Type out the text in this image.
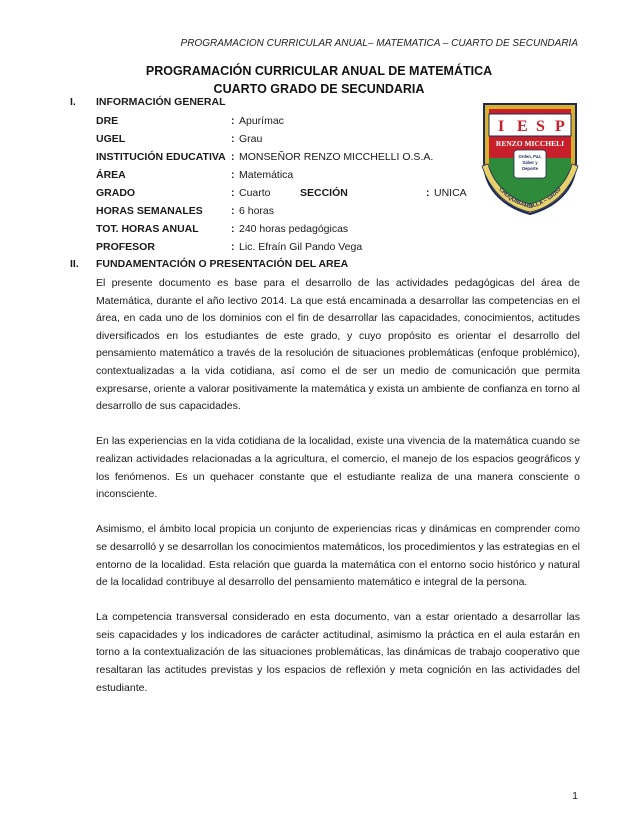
PROGRAMACION CURRICULAR ANUAL– MATEMATICA – CUARTO DE SECUNDARIA
PROGRAMACIÓN CURRICULAR ANUAL DE MATEMÁTICA
CUARTO GRADO DE SECUNDARIA
I. INFORMACIÓN GENERAL
DRE	: Apurímac
UGEL	: Grau
INSTITUCIÓN EDUCATIVA : MONSEÑOR RENZO MICCHELLI O.S.A.
ÁREA	: Matemática
GRADO	: Cuarto	SECCIÓN	: UNICA
HORAS SEMANALES	: 6 horas
TOT. HORAS ANUAL	: 240 horas pedagógicas
PROFESOR	: Lic. Efraín Gil Pando Vega
I E S P
RENZO MICCHELI
Orden, Paz,
Saber y
Deporte
CHUQUIBAMBILLA – GRAU
II. FUNDAMENTACIÓN O PRESENTACIÓN DEL AREA

El presente documento es base para el desarrollo de las actividades pedagógicas del área de Matemática, durante el año lectivo 2014. La que está encaminada a desarrollar las competencias en el área, en cada uno de los dominios con el fin de desarrollar las capacidades, conocimientos, actitudes diversificados en los estudiantes de este grado, y cuyo propósito es orientar el desarrollo del pensamiento matemático a través de la resolución de situaciones problemáticas (enfoque problémico), contextualizadas a la vida cotidiana, así como el de ser un medio de comunicación que permita expresarse, oriente a valorar positivamente la matemática y exista un ambiente de confianza en torno al desarrollo de sus capacidades.

En las experiencias en la vida cotidiana de la localidad, existe una vivencia de la matemática cuando se realizan actividades relacionadas a la agricultura, el comercio, el manejo de los espacios geográficos y los fenómenos. Es un quehacer constante que el estudiante realiza de una manera consciente o inconsciente.

Asimismo, el ámbito local propicia un conjunto de experiencias ricas y dinámicas en comprender como se desarrolló y se desarrollan los conocimientos matemáticos, los procedimientos y las estrategias en el entorno de la localidad. Esta relación que guarda la matemática con el entorno socio histórico y natural de la localidad contribuye al desarrollo del pensamiento matemático e integral de la persona.

La competencia transversal considerado en esta documento, van a estar orientado a desarrollar las seis capacidades y los indicadores de carácter actitudinal, asimismo la práctica en el aula estarán en torno a la contextualización de las situaciones problemáticas, las dinámicas de trabajo cooperativo que resaltaran las actitudes previstas y los espacios de reflexión y meta cognición en las actividades del estudiante.

1
